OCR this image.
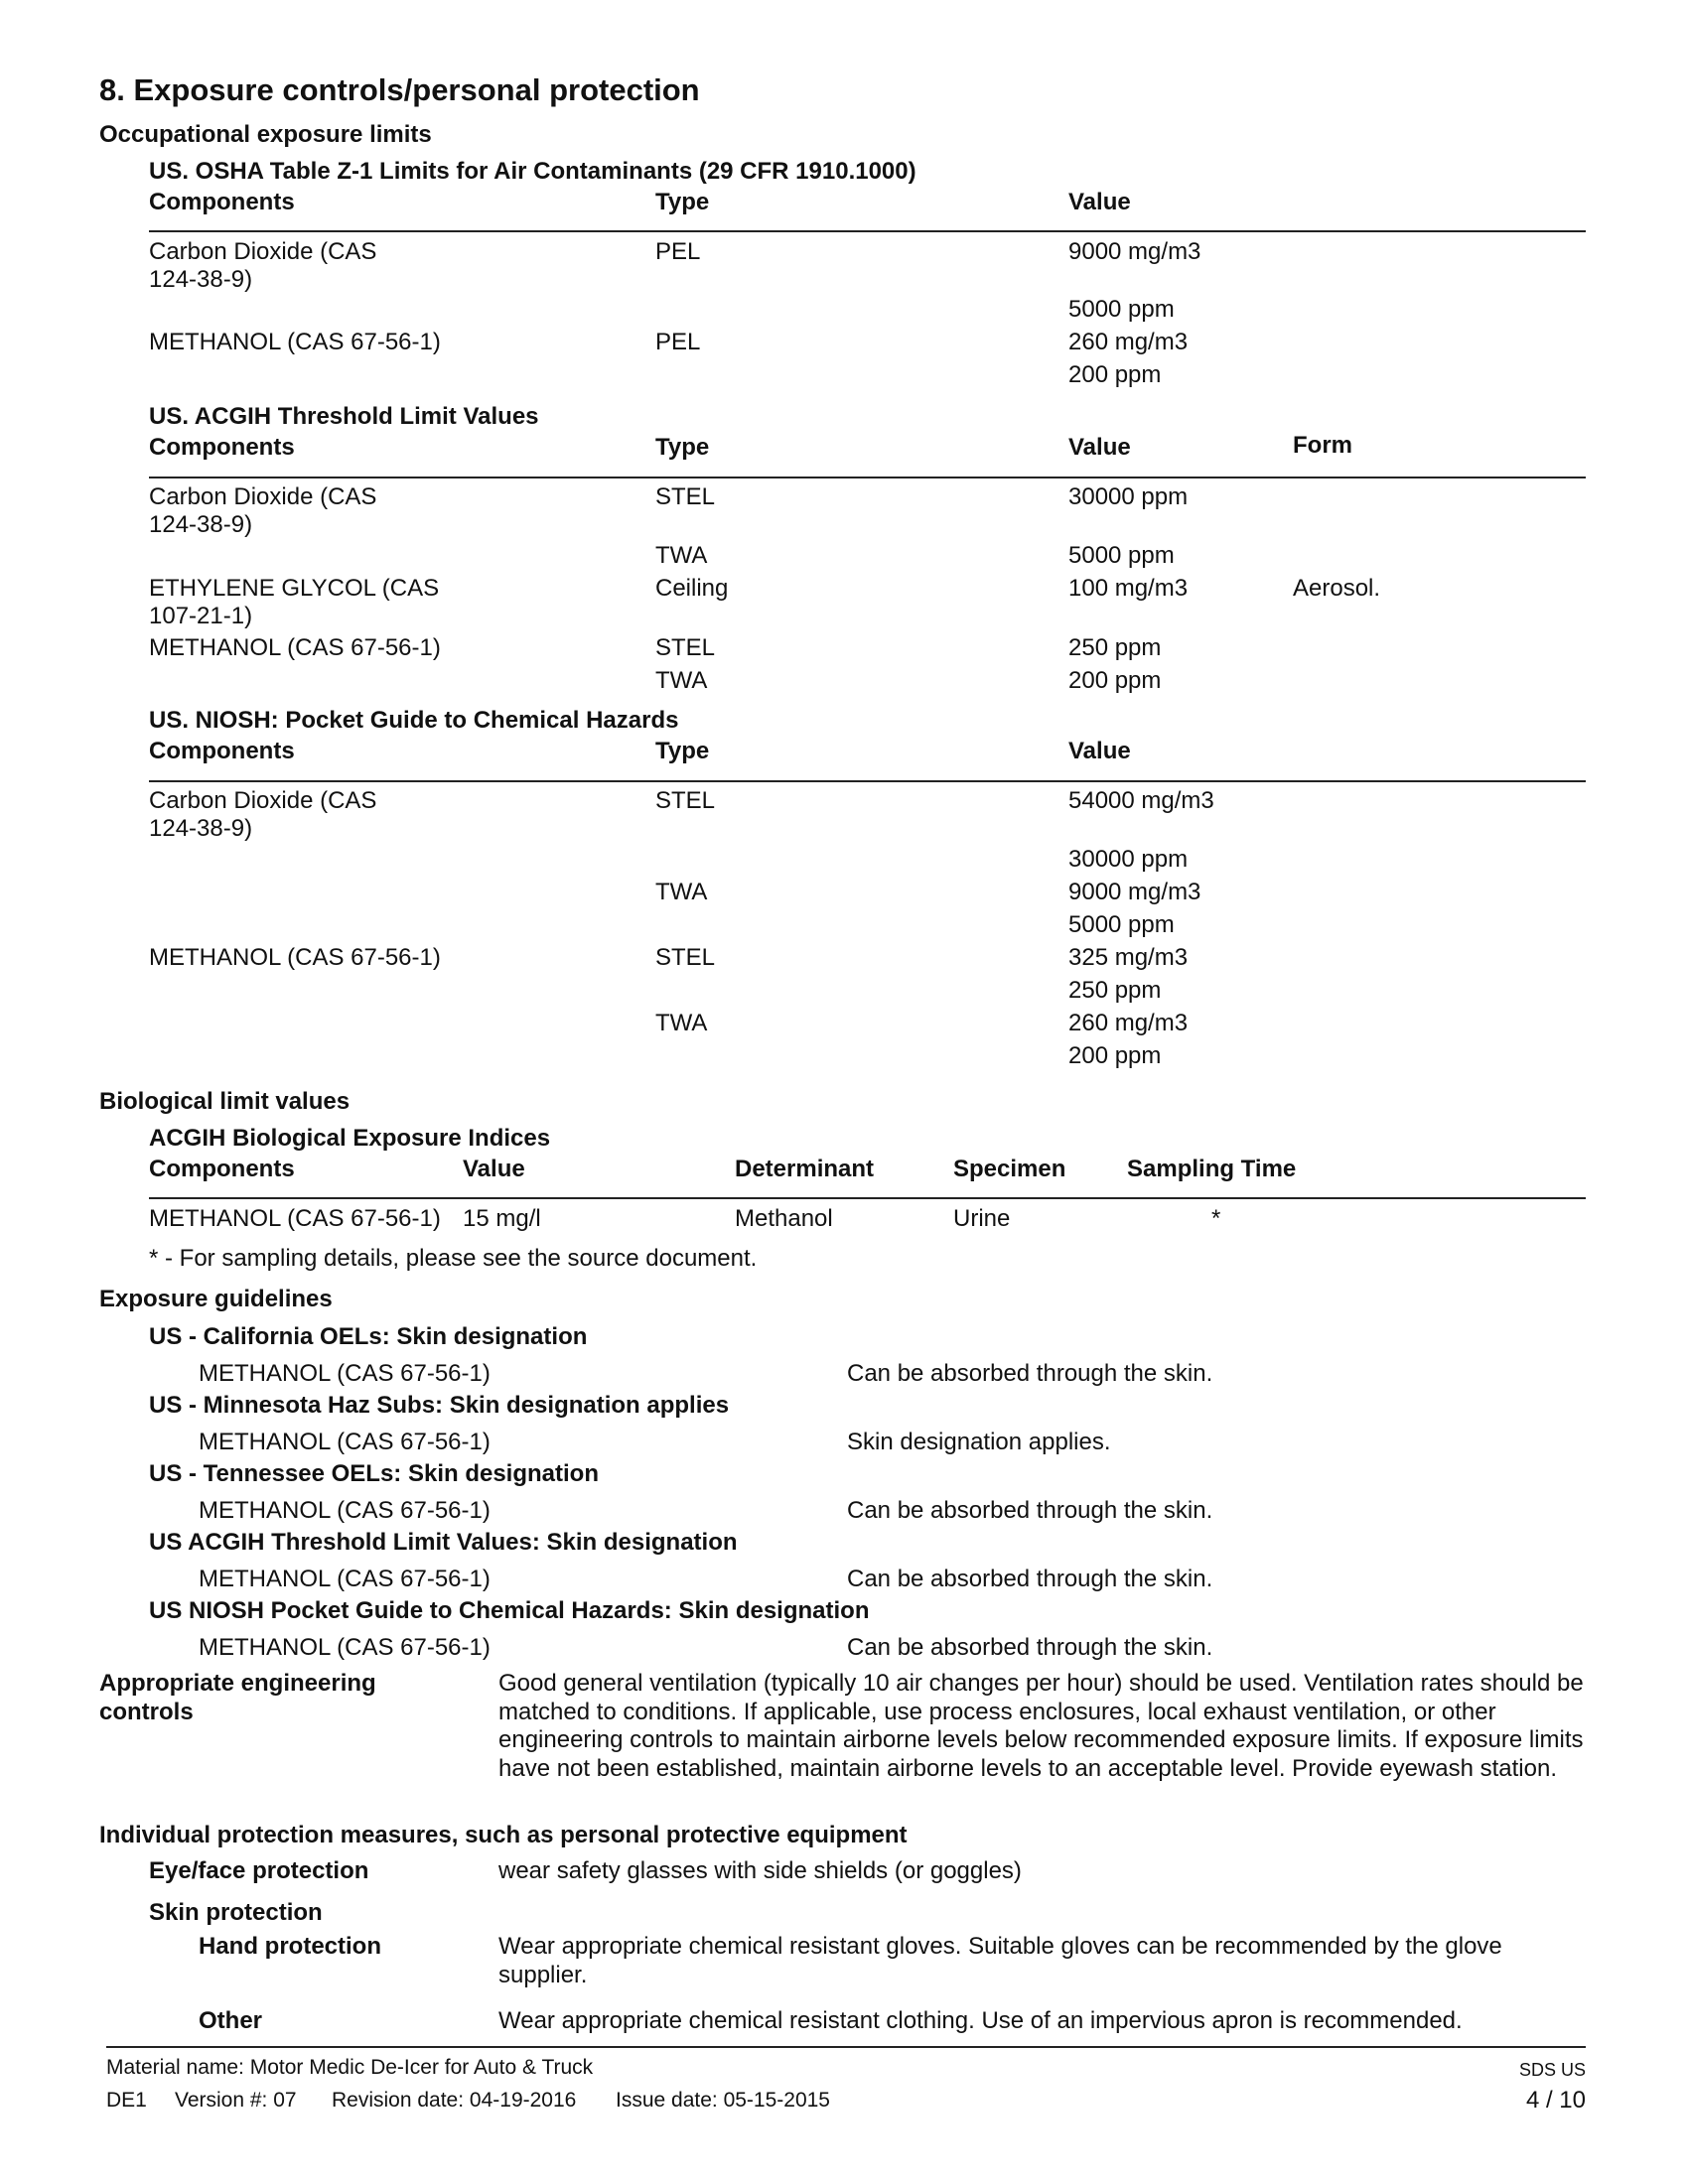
8. Exposure controls/personal protection
Occupational exposure limits
US. OSHA Table Z-1 Limits for Air Contaminants (29 CFR 1910.1000)
Components	Type	Value
Carbon Dioxide (CAS
124-38-9)
PEL	9000 mg/m3
5000 ppm
METHANOL (CAS 67-56-1)	PEL	260 mg/m3
200 ppm
US. ACGIH Threshold Limit Values
Components	Type	Value	Form
Carbon Dioxide (CAS
124-38-9)
STEL	30000 ppm
TWA	5000 ppm
ETHYLENE GLYCOL (CAS
107-21-1)
Ceiling	100 mg/m3	Aerosol.
METHANOL (CAS 67-56-1)	STEL	250 ppm
TWA	200 ppm
US. NIOSH: Pocket Guide to Chemical Hazards
Components	Type	Value
Carbon Dioxide (CAS
124-38-9)
STEL	54000 mg/m3
30000 ppm
TWA	9000 mg/m3
5000 ppm
METHANOL (CAS 67-56-1)	STEL	325 mg/m3
250 ppm
TWA	260 mg/m3
200 ppm
Biological limit values
ACGIH Biological Exposure Indices
Components	Value	Determinant	Specimen	Sampling Time
METHANOL (CAS 67-56-1) 15 mg/l	Methanol	Urine	*
* - For sampling details, please see the source document.
Exposure guidelines
US - California OELs: Skin designation
METHANOL (CAS 67-56-1)	Can be absorbed through the skin.
US - Minnesota Haz Subs: Skin designation applies
METHANOL (CAS 67-56-1)	Skin designation applies.
US - Tennessee OELs: Skin designation
METHANOL (CAS 67-56-1)	Can be absorbed through the skin.
US ACGIH Threshold Limit Values: Skin designation
METHANOL (CAS 67-56-1)	Can be absorbed through the skin.
US NIOSH Pocket Guide to Chemical Hazards: Skin designation
METHANOL (CAS 67-56-1)	Can be absorbed through the skin.
Appropriate engineering
controls
Good general ventilation (typically 10 air changes per hour) should be used. Ventilation rates should be matched to conditions. If applicable, use process enclosures, local exhaust ventilation, or other engineering controls to maintain airborne levels below recommended exposure limits. If exposure limits have not been established, maintain airborne levels to an acceptable level. Provide eyewash station.
Individual protection measures, such as personal protective equipment
Eye/face protection	wear safety glasses with side shields (or goggles)
Skin protection
Hand protection	Wear appropriate chemical resistant gloves. Suitable gloves can be recommended by the glove supplier.
Other	Wear appropriate chemical resistant clothing. Use of an impervious apron is recommended.
Material name: Motor Medic De-Icer for Auto & Truck
DE1 Version #: 07 Revision date: 04-19-2016 Issue date: 05-15-2015
SDS US
4 / 10
